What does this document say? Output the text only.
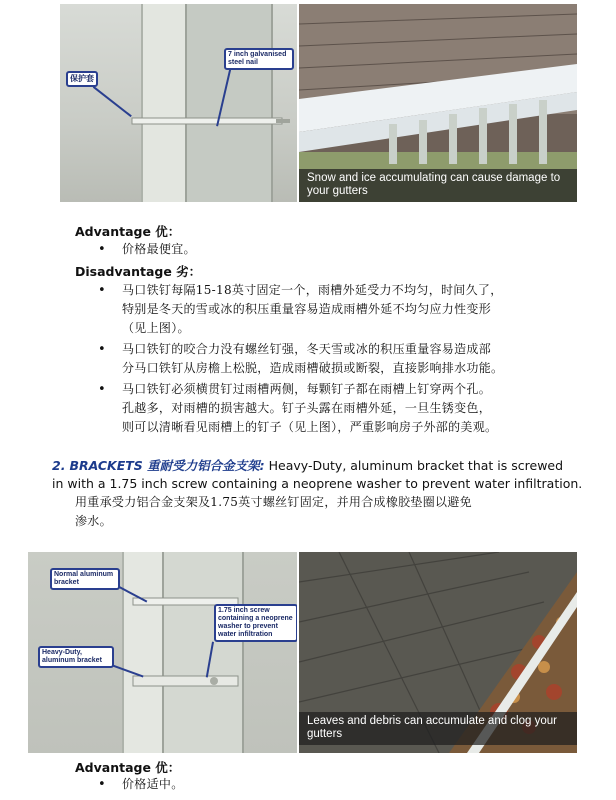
7 inch galvanised steel nail
保护套
Snow and ice accumulating can cause damage to your gutters
Advantage 优：
• 价格最便宜。
Disadvantage 劣：
• 马口铁钉每隔15-18英寸固定一个，雨槽外延受力不均匀，时间久了，
特别是冬天的雪或冰的积压重量容易造成雨槽外延不均匀应力性变形
（见上图）。
• 马口铁钉的咬合力没有螺丝钉强，冬天雪或冰的积压重量容易造成部
分马口铁钉从房檐上松脱，造成雨槽破损或断裂，直接影响排水功能。
• 马口铁钉必须横贯钉过雨槽两侧，每颗钉子都在雨槽上钉穿两个孔。
孔越多，对雨槽的损害越大。钉子头露在雨槽外延，一旦生锈变色，
则可以清晰看见雨槽上的钉子（见上图），严重影响房子外部的美观。
2. BRACKETS 重耐受力铝合金支架: Heavy-Duty, aluminum bracket that is screwed
in with a 1.75 inch screw containing a neoprene washer to prevent water infiltration.
用重承受力铝合金支架及1.75英寸螺丝钉固定，并用合成橡胶垫圈以避免
渗水。
Normal aluminum bracket
1.75 inch screw containing a neoprene washer to prevent water infiltration
Heavy-Duty, aluminum bracket
Leaves and debris can accumulate and clog your gutters
Advantage 优：
• 价格适中。
